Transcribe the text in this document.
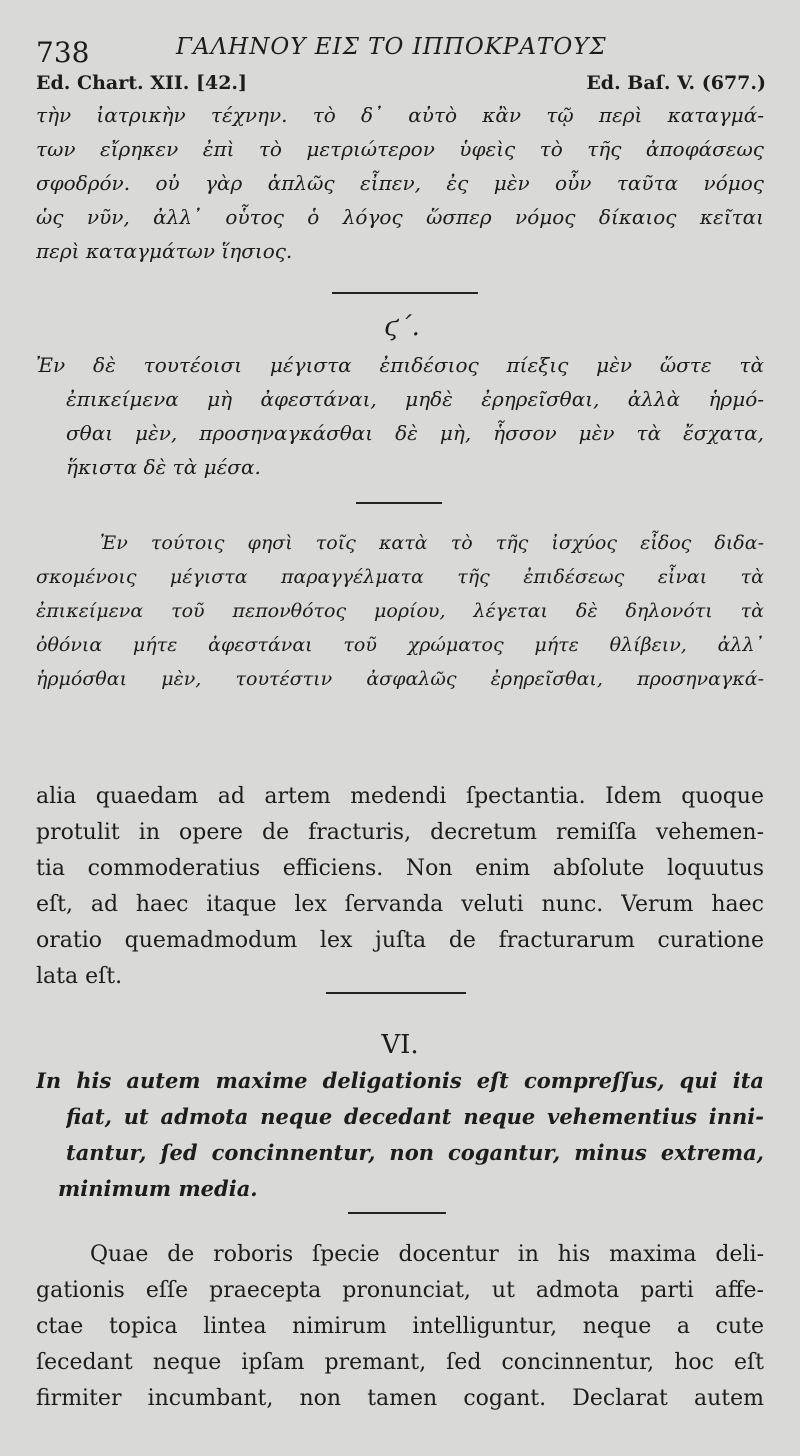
738	ΓΑΛΗΝΟΥ ΕΙΣ ΤΟ ΙΠΠΟΚΡΑΤΟΥΣ
Ed. Chart. XII. [42.]	Ed. Baſ. V. (677.)
τὴν ἰατρικὴν τέχνην. τὸ δ᾽ αὐτὸ κἂν τῷ περὶ καταγμά-
των εἴρηκεν ἐπὶ τὸ μετριώτερον ὑφεὶς τὸ τῆς ἀποφάσεως
σφοδρόν. οὐ γὰρ ἁπλῶς εἶπεν, ἐς μὲν οὖν ταῦτα νόμος
ὡς νῦν, ἀλλ᾽ οὗτος ὁ λόγος ὥσπερ νόμος δίκαιος κεῖται
περὶ καταγμάτων ἵησιος.
ϛ΄.
Ἐν δὲ τουτέοισι μέγιστα ἐπιδέσιος πίεξις μὲν ὥστε τὰ
ἐπικείμενα μὴ ἀφεστάναι, μηδὲ ἐρηρεῖσθαι, ἀλλὰ ἡρμό-
σθαι μὲν, προσηναγκάσθαι δὲ μὴ, ἧσσον μὲν τὰ ἔσχατα,
ἥκιστα δὲ τὰ μέσα.
Ἐν τούτοις φησὶ τοῖς κατὰ τὸ τῆς ἰσχύος εἶδος διδα-
σκομένοις μέγιστα παραγγέλματα τῆς ἐπιδέσεως εἶναι τὰ
ἐπικείμενα τοῦ πεπονθότος μορίου, λέγεται δὲ δηλονότι τὰ
ὀθόνια μήτε ἀφεστάναι τοῦ χρώματος μήτε θλίβειν, ἀλλ᾽
ἡρμόσθαι μὲν, τουτέστιν ἀσφαλῶς ἐρηρεῖσθαι, προσηναγκά-
alia quaedam ad artem medendi ſpectantia. Idem quoque
protulit in opere de fracturis, decretum remiſſa vehemen-
tia commoderatius efficiens. Non enim abſolute loquutus
eſt, ad haec itaque lex ſervanda veluti nunc. Verum haec
oratio quemadmodum lex juſta de fracturarum curatione
lata eſt.
VI.
In his autem maxime deligationis eſt compreſſus, qui ita
fiat, ut admota neque decedant neque vehementius inni-
tantur, ſed concinnentur, non cogantur, minus extrema,
minimum media.
Quae de roboris ſpecie docentur in his maxima deli-
gationis eſſe praecepta pronunciat, ut admota parti affe-
ctae topica lintea nimirum intelliguntur, neque a cute
ſecedant neque ipſam premant, ſed concinnentur, hoc eſt
firmiter incumbant, non tamen cogant. Declarat autem
